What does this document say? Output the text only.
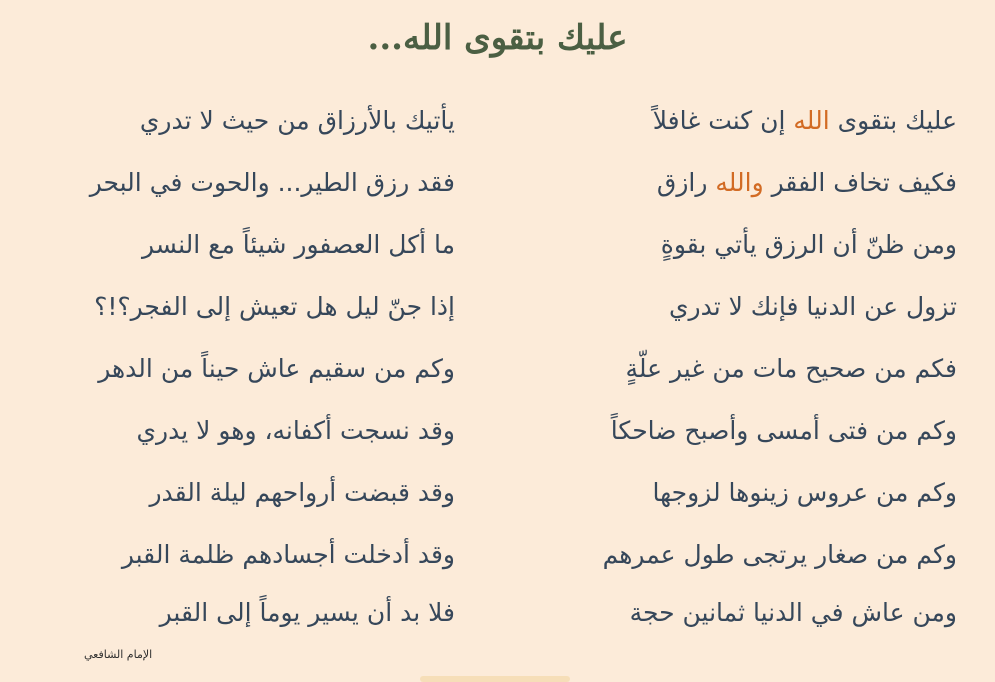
عليك بتقوى الله...
عليك بتقوى الله إن كنت غافلاً
يأتيك بالأرزاق من حيث لا تدري
فكيف تخاف الفقر والله رازق
فقد رزق الطير... والحوت في البحر
ومن ظنّ أن الرزق يأتي بقوةٍ
ما أكل العصفور شيئاً مع النسر
تزول عن الدنيا فإنك لا تدري
إذا جنّ ليل هل تعيش إلى الفجر؟!؟
فكم من صحيح مات من غير علّةٍ
وكم من سقيم عاش حيناً من الدهر
وكم من فتى أمسى وأصبح ضاحكاً
وقد نسجت أكفانه، وهو لا يدري
وكم من عروس زينوها لزوجها
وقد قبضت أرواحهم ليلة القدر
وكم من صغار يرتجى طول عمرهم
وقد أدخلت أجسادهم ظلمة القبر
ومن عاش في الدنيا ثمانين حجة
فلا بد أن يسير يوماً إلى القبر
الإمام الشافعي
